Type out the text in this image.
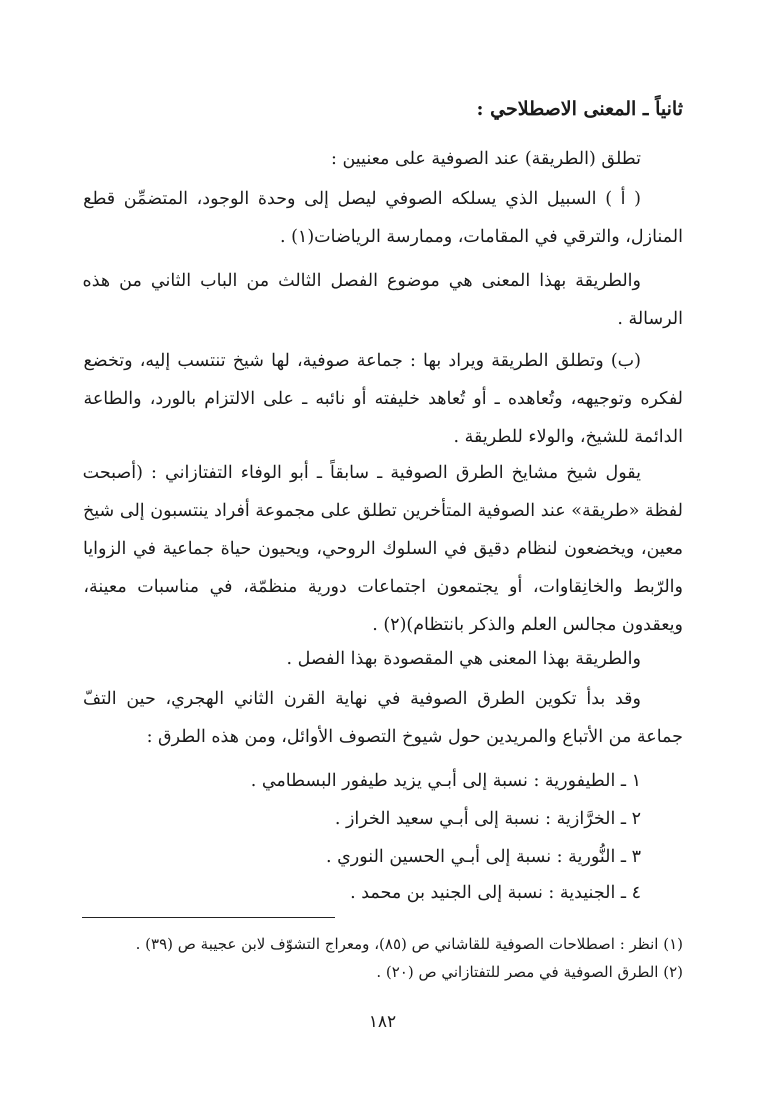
ثانياً ـ المعنى الاصطلاحي :
تطلق (الطريقة) عند الصوفية على معنيين :
( أ ) السبيل الذي يسلكه الصوفي ليصل إلى وحدة الوجود، المتضمِّن قطع
المنازل، والترقي في المقامات، وممارسة الرياضات(١) .
والطريقة بهذا المعنى هي موضوع الفصل الثالث من الباب الثاني من هذه
الرسالة .
(ب) وتطلق الطريقة ويراد بها : جماعة صوفية، لها شيخ تنتسب إليه، وتخضع
لفكره وتوجيهه، وتُعاهده ـ أو تُعاهد خليفته أو نائبه ـ على الالتزام بالورد، والطاعة
الدائمة للشيخ، والولاء للطريقة .
يقول شيخ مشايخ الطرق الصوفية ـ سابقاً ـ أبو الوفاء التفتازاني : (أصبحت
لفظة «طريقة» عند الصوفية المتأخرين تطلق على مجموعة أفراد ينتسبون إلى شيخ
معين، ويخضعون لنظام دقيق في السلوك الروحي، ويحيون حياة جماعية في الزوايا
والرّبط والخانِقاوات، أو يجتمعون اجتماعات دورية منظمّة، في مناسبات معينة،
ويعقدون مجالس العلم والذكر بانتظام)(٢) .
والطريقة بهذا المعنى هي المقصودة بهذا الفصل .
وقد بدأ تكوين الطرق الصوفية في نهاية القرن الثاني الهجري، حين التفّ
جماعة من الأتباع والمريدين حول شيوخ التصوف الأوائل، ومن هذه الطرق :
١ ـ الطيفورية : نسبة إلى أبـي يزيد طيفور البسطامي .
٢ ـ الخرَّازية : نسبة إلى أبـي سعيد الخراز .
٣ ـ النُّورية : نسبة إلى أبـي الحسين النوري .
٤ ـ الجنيدية : نسبة إلى الجنيد بن محمد .
(١) انظر : اصطلاحات الصوفية للقاشاني ص (٨٥)، ومعراج التشوّف لابن عجيبة ص (٣٩) .
(٢) الطرق الصوفية في مصر للتفتازاني ص (٢٠) .
١٨٢
